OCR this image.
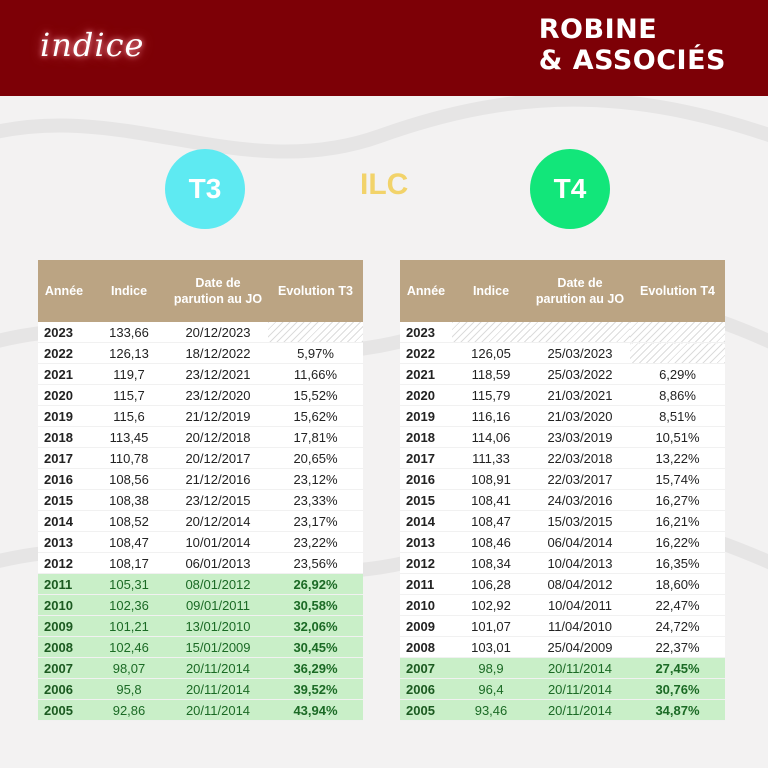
indice	ROBINE
& ASSOCIÉS
T3	ILC	T4
Année	Indice	Date de parution au JO	Evolution T3
2023	133,66	20/12/2023	
2022	126,13	18/12/2022	5,97%
2021	119,7	23/12/2021	11,66%
2020	115,7	23/12/2020	15,52%
2019	115,6	21/12/2019	15,62%
2018	113,45	20/12/2018	17,81%
2017	110,78	20/12/2017	20,65%
2016	108,56	21/12/2016	23,12%
2015	108,38	23/12/2015	23,33%
2014	108,52	20/12/2014	23,17%
2013	108,47	10/01/2014	23,22%
2012	108,17	06/01/2013	23,56%
2011	105,31	08/01/2012	26,92%
2010	102,36	09/01/2011	30,58%
2009	101,21	13/01/2010	32,06%
2008	102,46	15/01/2009	30,45%
2007	98,07	20/11/2014	36,29%
2006	95,8	20/11/2014	39,52%
2005	92,86	20/11/2014	43,94%
Année	Indice	Date de parution au JO	Evolution T4
2023			
2022	126,05	25/03/2023	
2021	118,59	25/03/2022	6,29%
2020	115,79	21/03/2021	8,86%
2019	116,16	21/03/2020	8,51%
2018	114,06	23/03/2019	10,51%
2017	111,33	22/03/2018	13,22%
2016	108,91	22/03/2017	15,74%
2015	108,41	24/03/2016	16,27%
2014	108,47	15/03/2015	16,21%
2013	108,46	06/04/2014	16,22%
2012	108,34	10/04/2013	16,35%
2011	106,28	08/04/2012	18,60%
2010	102,92	10/04/2011	22,47%
2009	101,07	11/04/2010	24,72%
2008	103,01	25/04/2009	22,37%
2007	98,9	20/11/2014	27,45%
2006	96,4	20/11/2014	30,76%
2005	93,46	20/11/2014	34,87%
